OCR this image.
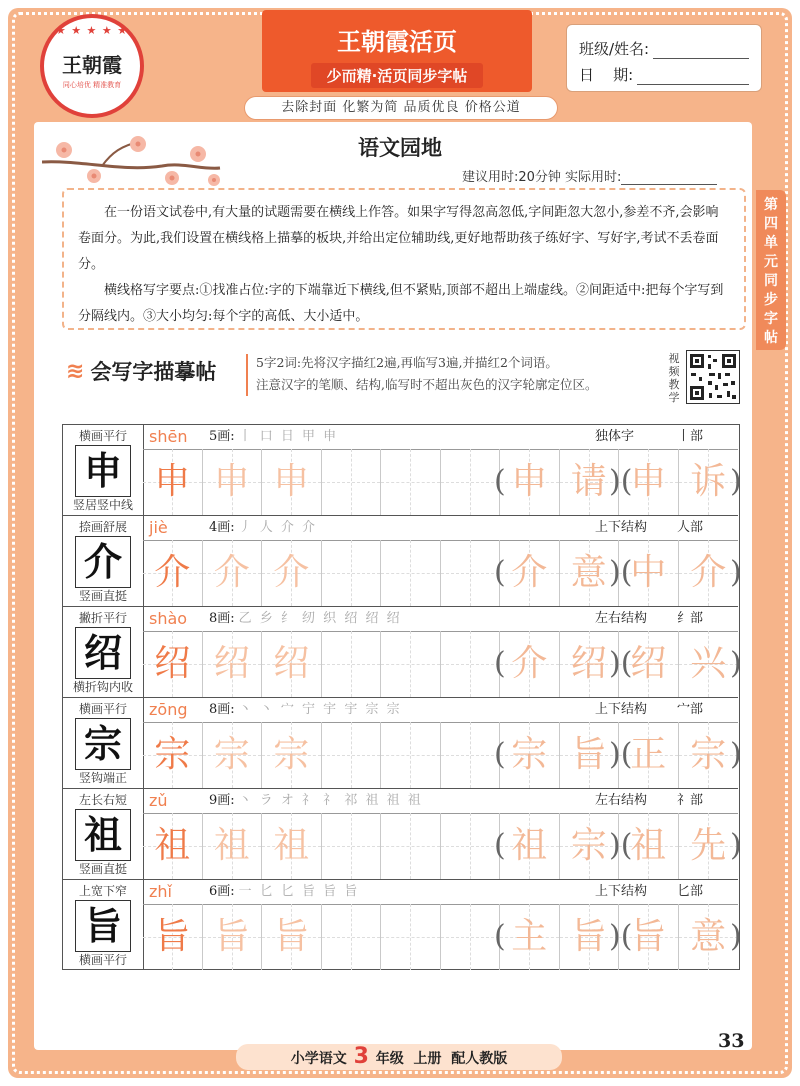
★ ★ ★ ★ ★
王朝霞
同心培优 精准教育
王朝霞活页
少而精·活页同步字帖
班级/姓名:
日    期:
去除封面 化繁为简 品质优良 价格公道
语文园地
建议用时:20分钟 实际用时:

在一份语文试卷中,有大量的试题需要在横线上作答。如果字写得忽高忽低,字间距忽大忽小,参差不齐,会影响卷面分。为此,我们设置在横线格上描摹的板块,并给出定位辅助线,更好地帮助孩子练好字、写好字,考试不丢卷面分。

横线格写字要点:①找准占位:字的下端靠近下横线,但不紧贴,顶部不超出上端虚线。②间距适中:把每个字写到分隔线内。③大小均匀:每个字的高低、大小适中。

第
四
单
元
同
步
字
帖
≋ 会写字描摹帖	5字2词:先将汉字描红2遍,再临写3遍,并描红2个词语。
注意汉字的笔顺、结构,临写时不超出灰色的汉字轮廓定位区。
视频教学
横画平行
申
竖居竖中线
shēn 5画: 丨 口 日 甲 申	独体字	丨部
申 申 申	申 请 申 诉
(	)(	)
捺画舒展
介
竖画直挺
jiè	4画: 丿 人 介 介	上下结构 人部
介 介 介	介 意 中 介
(	)(	)
撇折平行
绍
横折钩内收
shào 8画: 乙 乡 纟 纫 织 绍 绍 绍	左右结构 纟部
绍 绍 绍	介 绍 绍 兴
(	)(	)
横画平行
宗
竖钩端正
zōng 8画: 丶 丶 宀 宁 宇 宇 宗 宗	上下结构 宀部
宗 宗 宗	宗 旨 正 宗
(	)(	)
左长右短
祖
竖画直挺
zǔ	9画: 丶 ラ オ 礻 礻 祁 祖 祖 祖	左右结构 礻部
祖 祖 祖	祖 宗 祖 先
(	)(	)
上宽下窄
旨
横画平行
zhǐ	6画: 一 匕 匕 旨 旨 旨	上下结构 匕部
旨 旨 旨	主 旨 旨 意
(	)(	)
33
小学语文 3 年级  上册  配人教版
